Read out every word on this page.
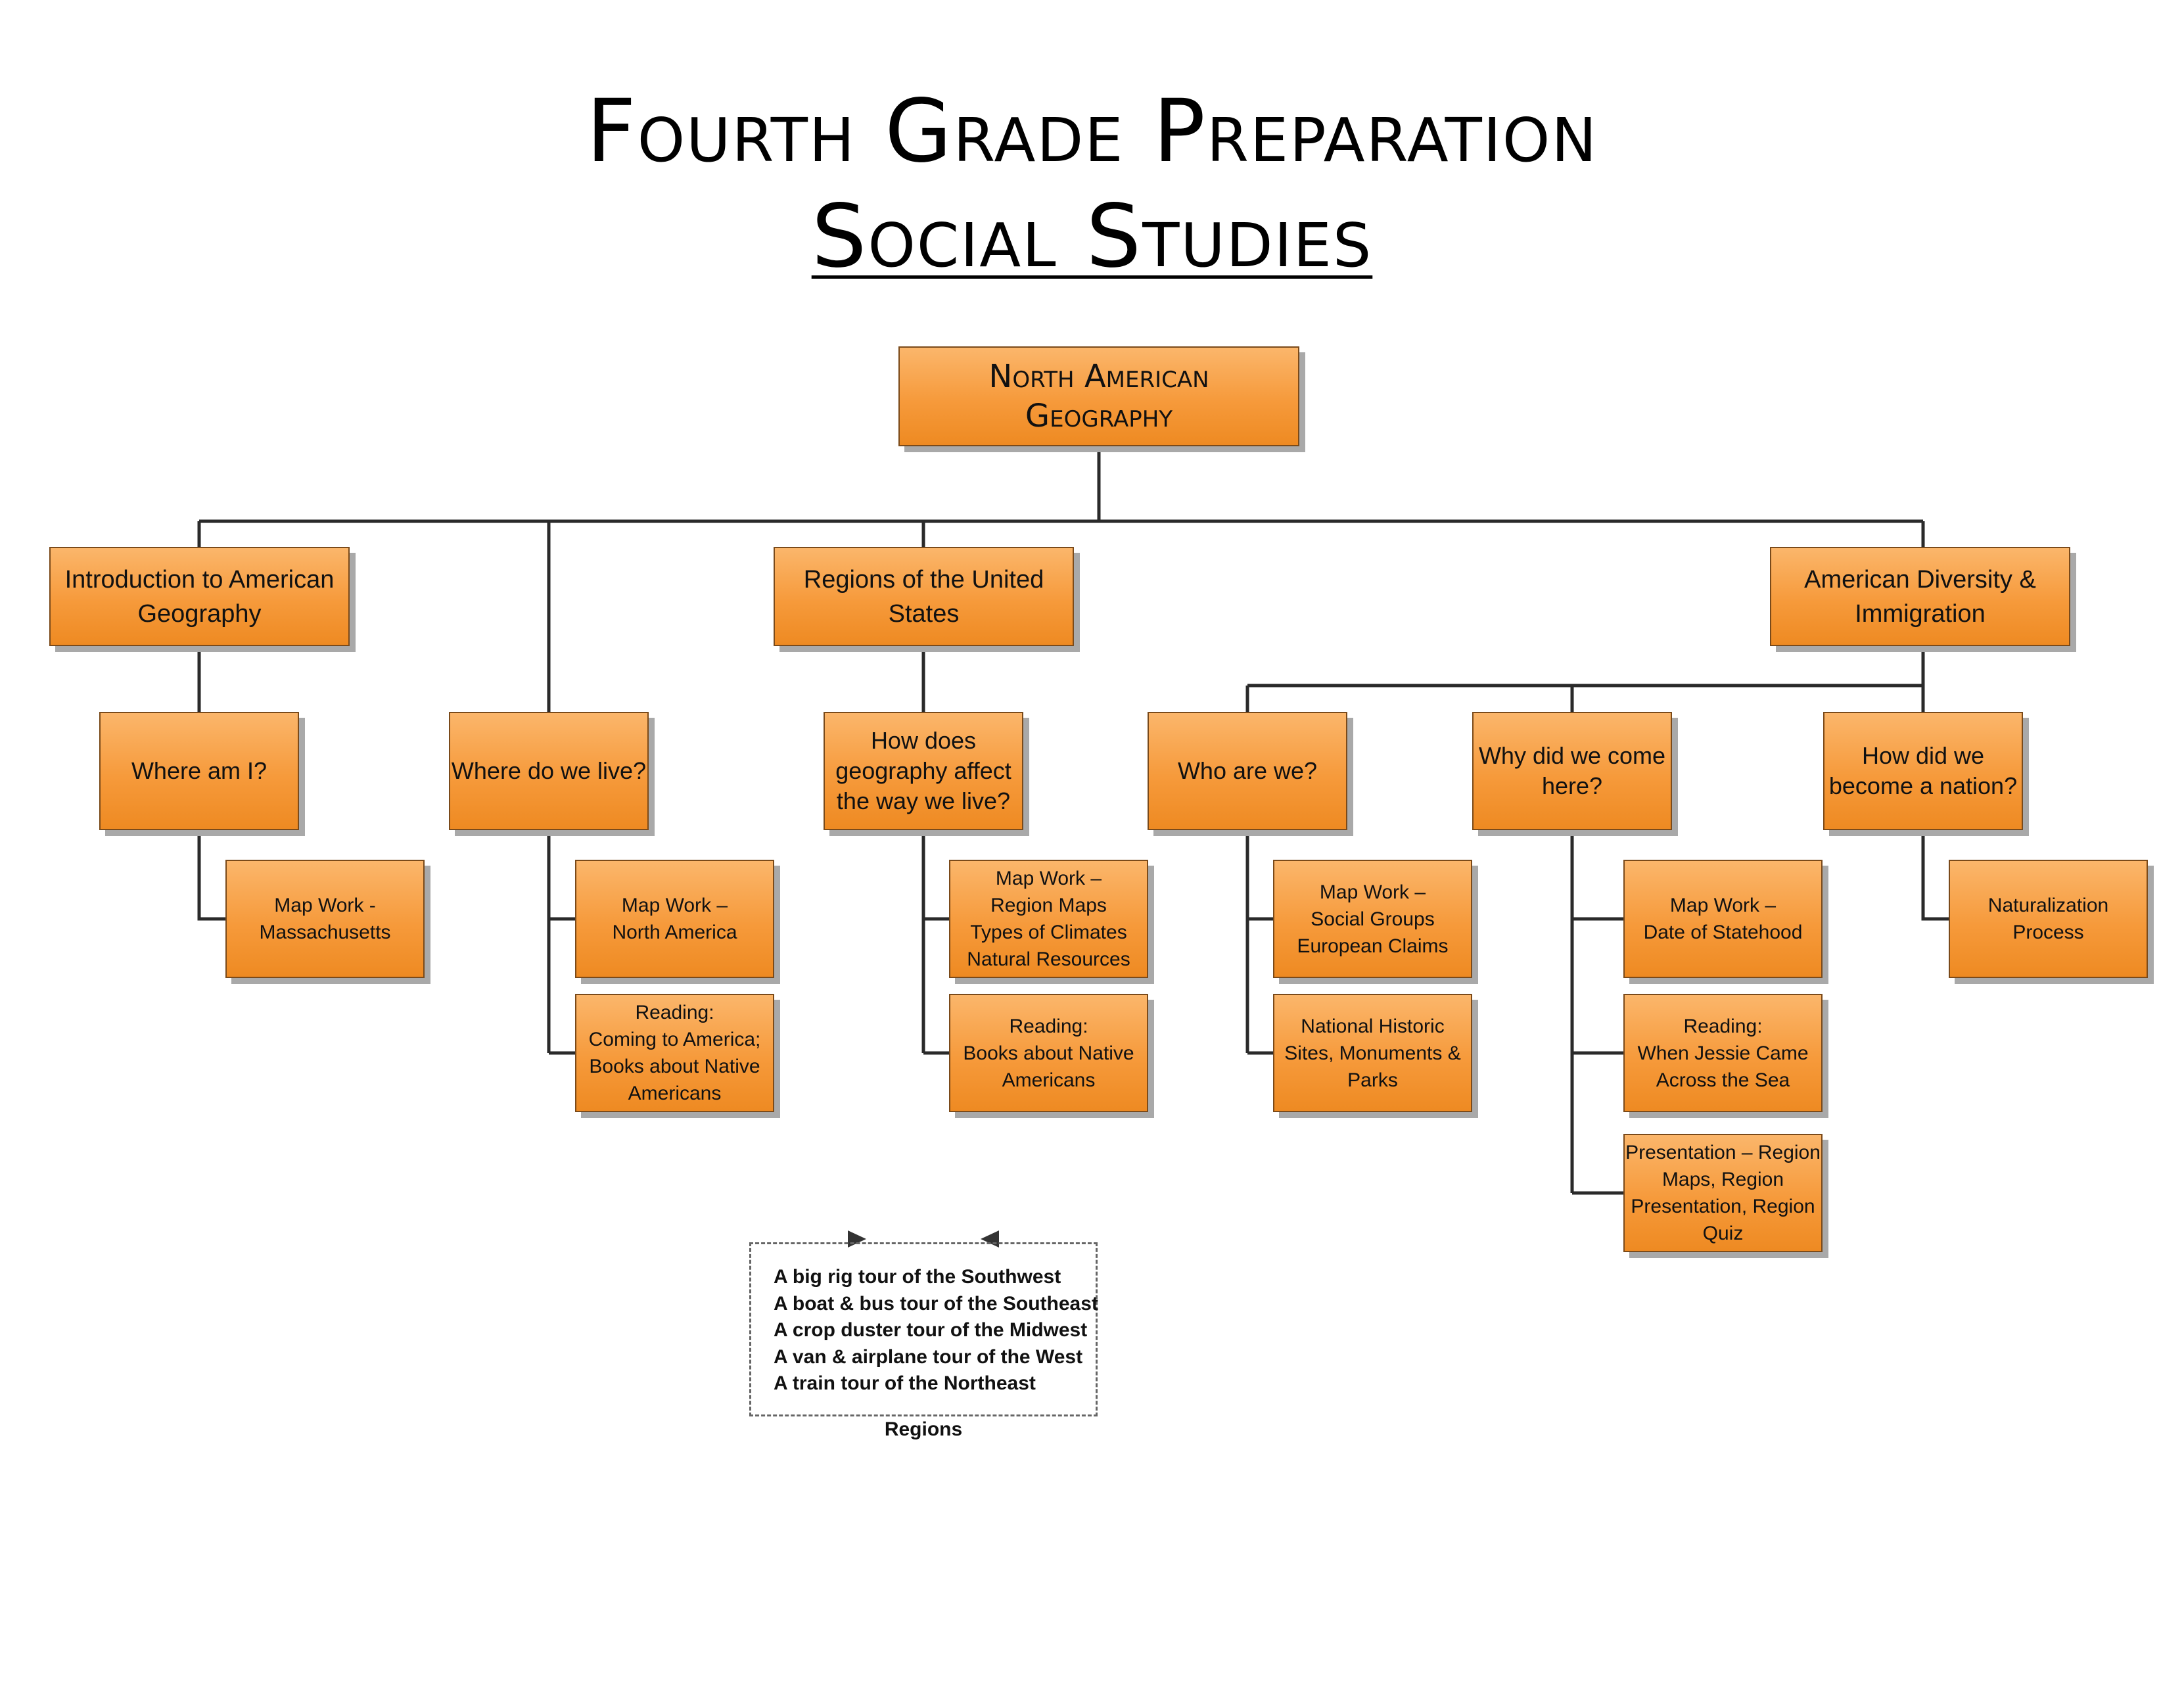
Fourth Grade Preparation
Social Studies
North American
Geography
Introduction to American
Geography
Regions of the United
States
American Diversity &
Immigration
Where am I?	Where do we live?
How does
geography affect
the way we live?
Who are we?
Why did we come
here?
How did we
become a nation?
Map Work -
Massachusetts
Map Work –
North America
Reading:
Coming to America;
Books about Native
Americans
Map Work –
Region Maps
Types of Climates
Natural Resources
Reading:
Books about Native
Americans
Map Work –
Social Groups
European Claims
National Historic
Sites, Monuments &
Parks
Map Work –
Date of Statehood
Reading:
When Jessie Came
Across the Sea
Presentation – Region
Maps, Region
Presentation, Region
Quiz
Naturalization
Process
A big rig tour of the Southwest
A boat & bus tour of the Southeast
A crop duster tour of the Midwest
A van & airplane tour of the West
A train tour of the Northeast
Regions
